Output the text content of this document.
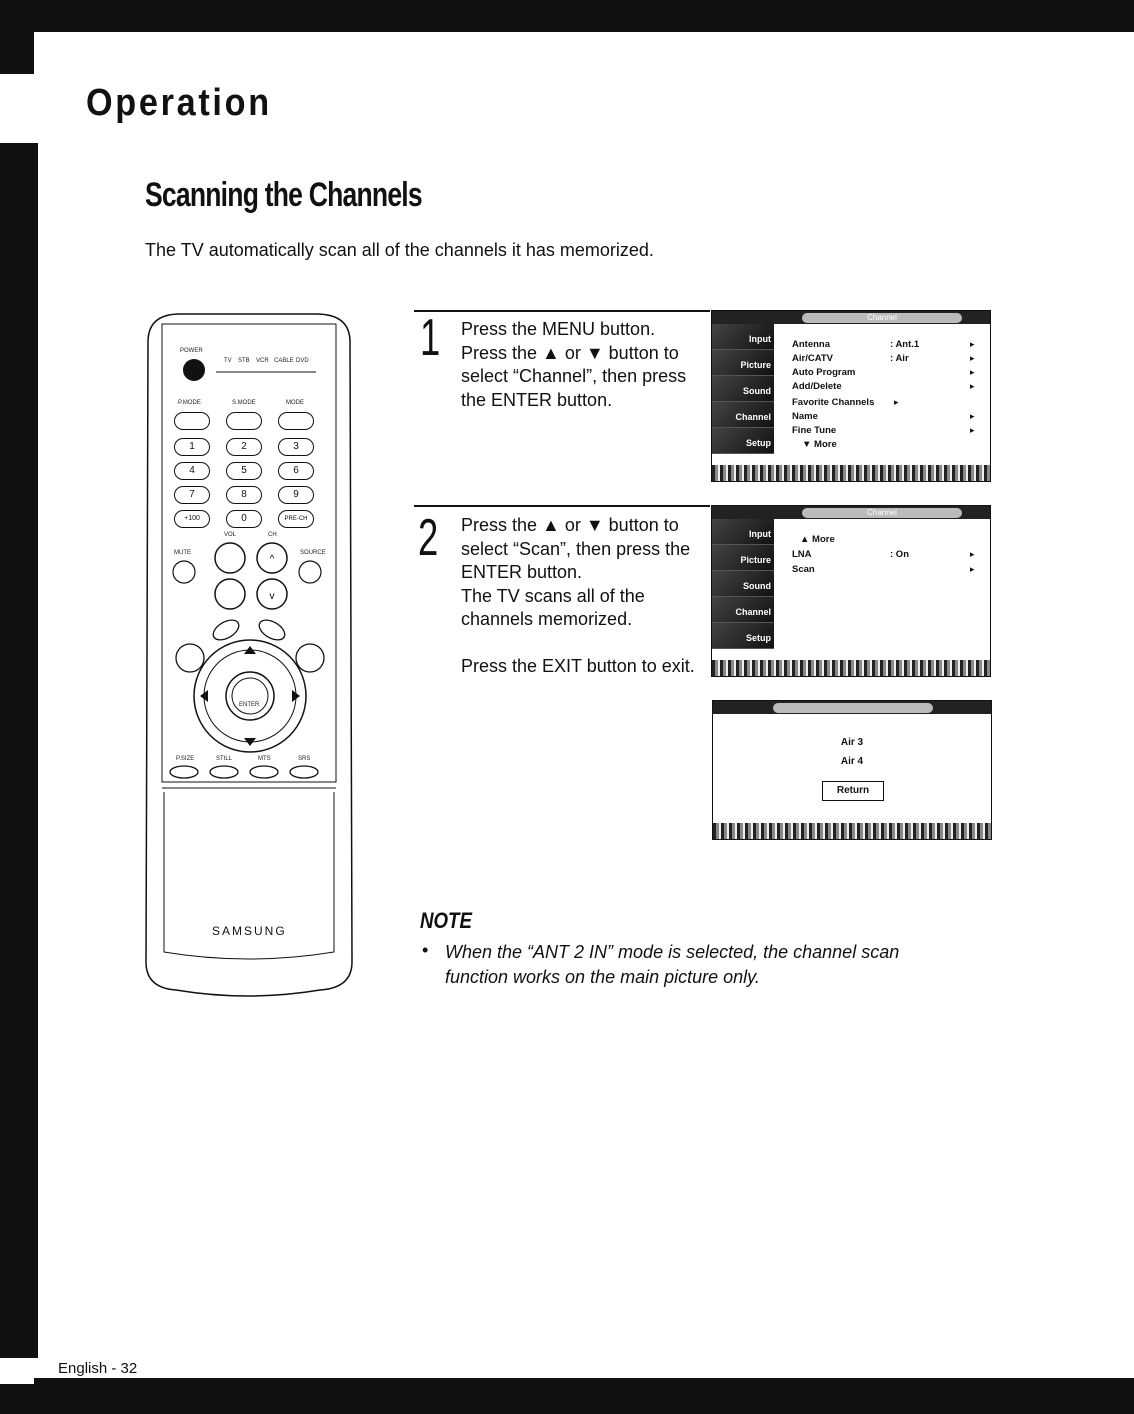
Operation
Scanning the Channels
The TV automatically scan all of the channels it has memorized.
^
v
POWER
TV STB VCR CABLE DVD
P.MODE	S.MODE	MODE
1	2	3
4	5	6
7	8	9
+100	0	PRE-CH
VOL	CH
MUTE	SOURCE
ENTER
P.SIZE	STILL	MTS	SRS
SAMSUNG
1 Press the MENU button.
Press the ▲ or ▼ button to
select “Channel”, then press
the ENTER button.
Channel
Input
Picture
Sound
Channel
Setup
Antenna	: Ant.1	▸
Air/CATV	: Air	▸
Auto Program	▸
Add/Delete	▸
Favorite Channels ▸
Name	▸
Fine Tune	▸
▼ More
2 Press the ▲ or ▼ button to
select “Scan”, then press the
ENTER button.
The TV scans all of the
channels memorized.

Press the EXIT button to exit.
Channel
Input
Picture
Sound
Channel
Setup
▲ More
LNA	: On	▸
Scan	▸
Air 3
Air 4
Return
NOTE
• When the “ANT 2 IN” mode is selected, the channel scan function works on the main picture only.
English - 32
